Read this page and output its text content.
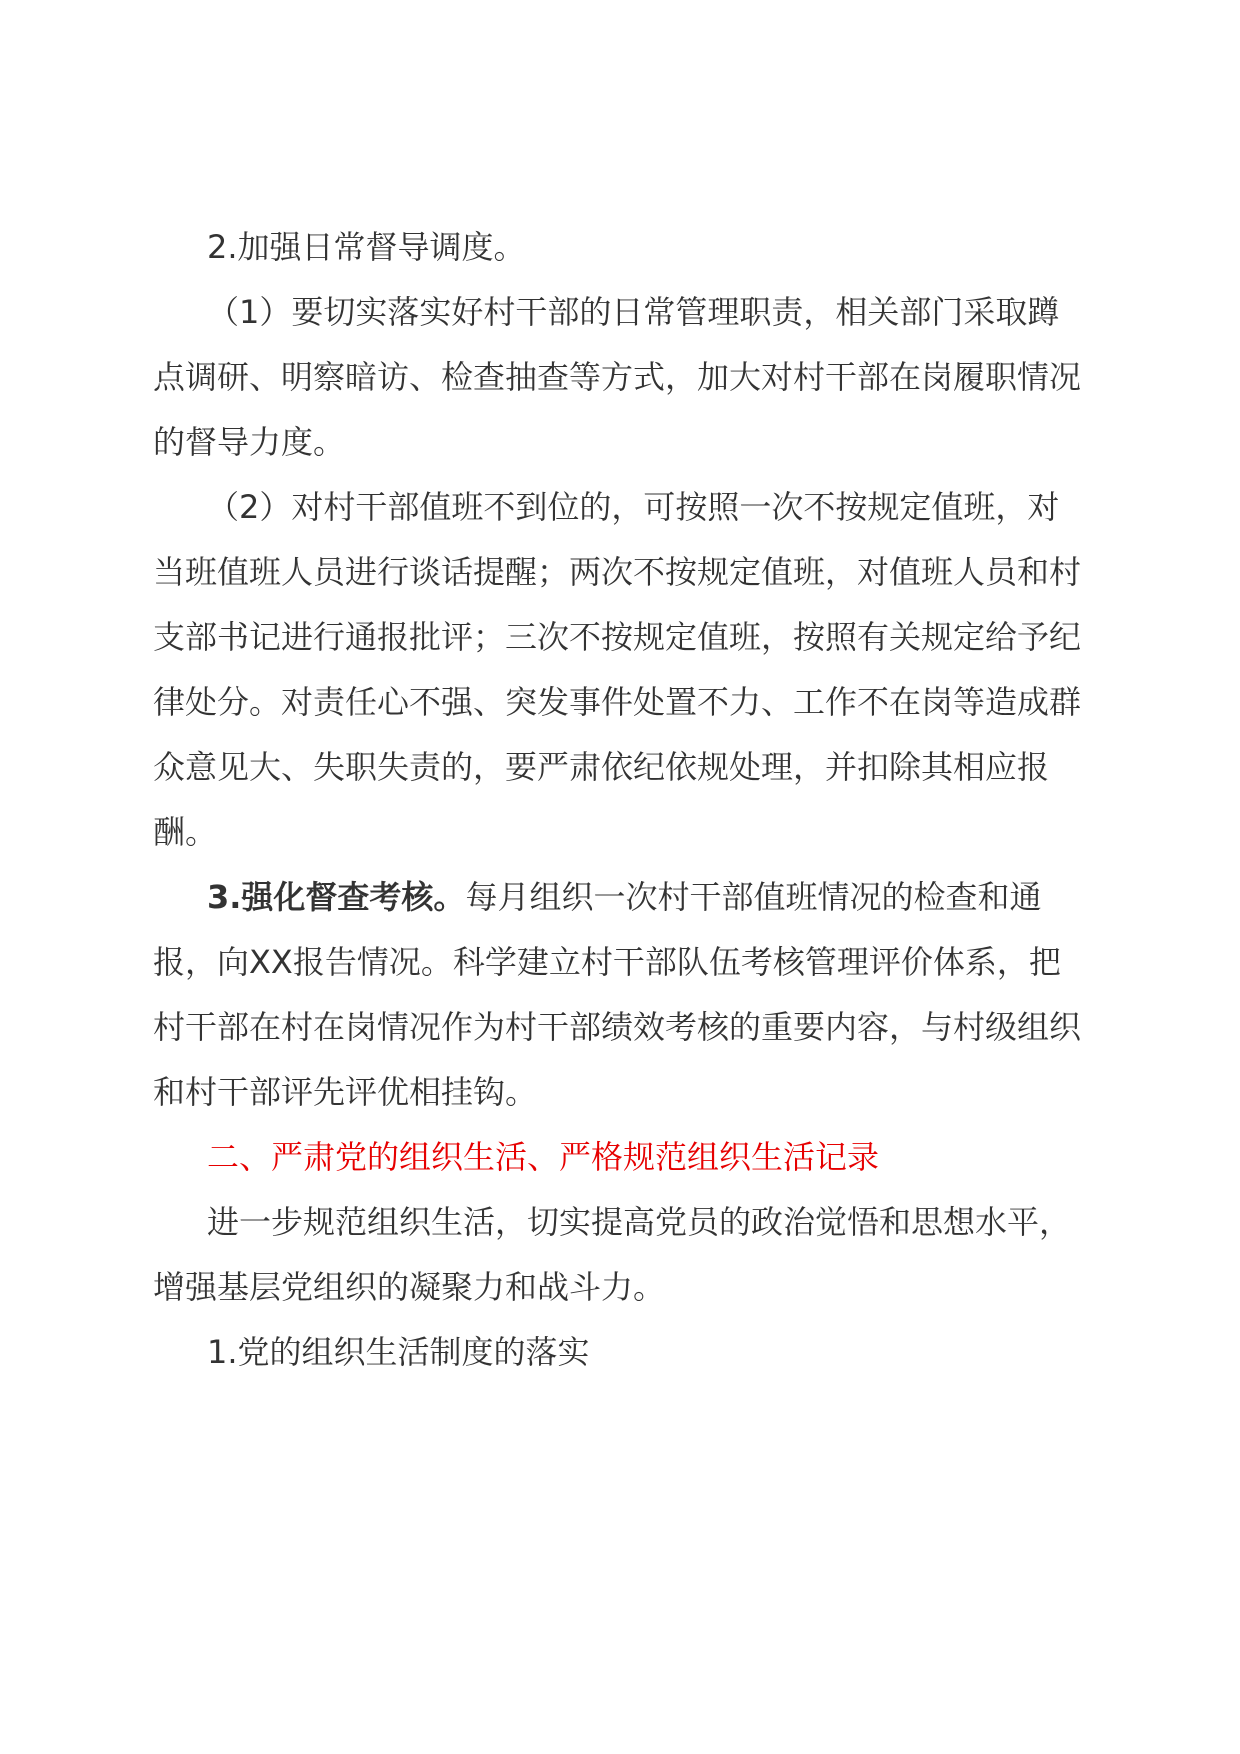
2.加强日常督导调度。

（1）要切实落实好村干部的日常管理职责，相关部门采取蹲点调研、明察暗访、检查抽查等方式，加大对村干部在岗履职情况的督导力度。

（2）对村干部值班不到位的，可按照一次不按规定值班，对当班值班人员进行谈话提醒；两次不按规定值班，对值班人员和村支部书记进行通报批评；三次不按规定值班，按照有关规定给予纪律处分。对责任心不强、突发事件处置不力、工作不在岗等造成群众意见大、失职失责的，要严肃依纪依规处理，并扣除其相应报酬。

3.强化督查考核。每月组织一次村干部值班情况的检查和通报，向XX报告情况。科学建立村干部队伍考核管理评价体系，把村干部在村在岗情况作为村干部绩效考核的重要内容，与村级组织和村干部评先评优相挂钩。

二、严肃党的组织生活、严格规范组织生活记录

进一步规范组织生活，切实提高党员的政治觉悟和思想水平，增强基层党组织的凝聚力和战斗力。

1.党的组织生活制度的落实
